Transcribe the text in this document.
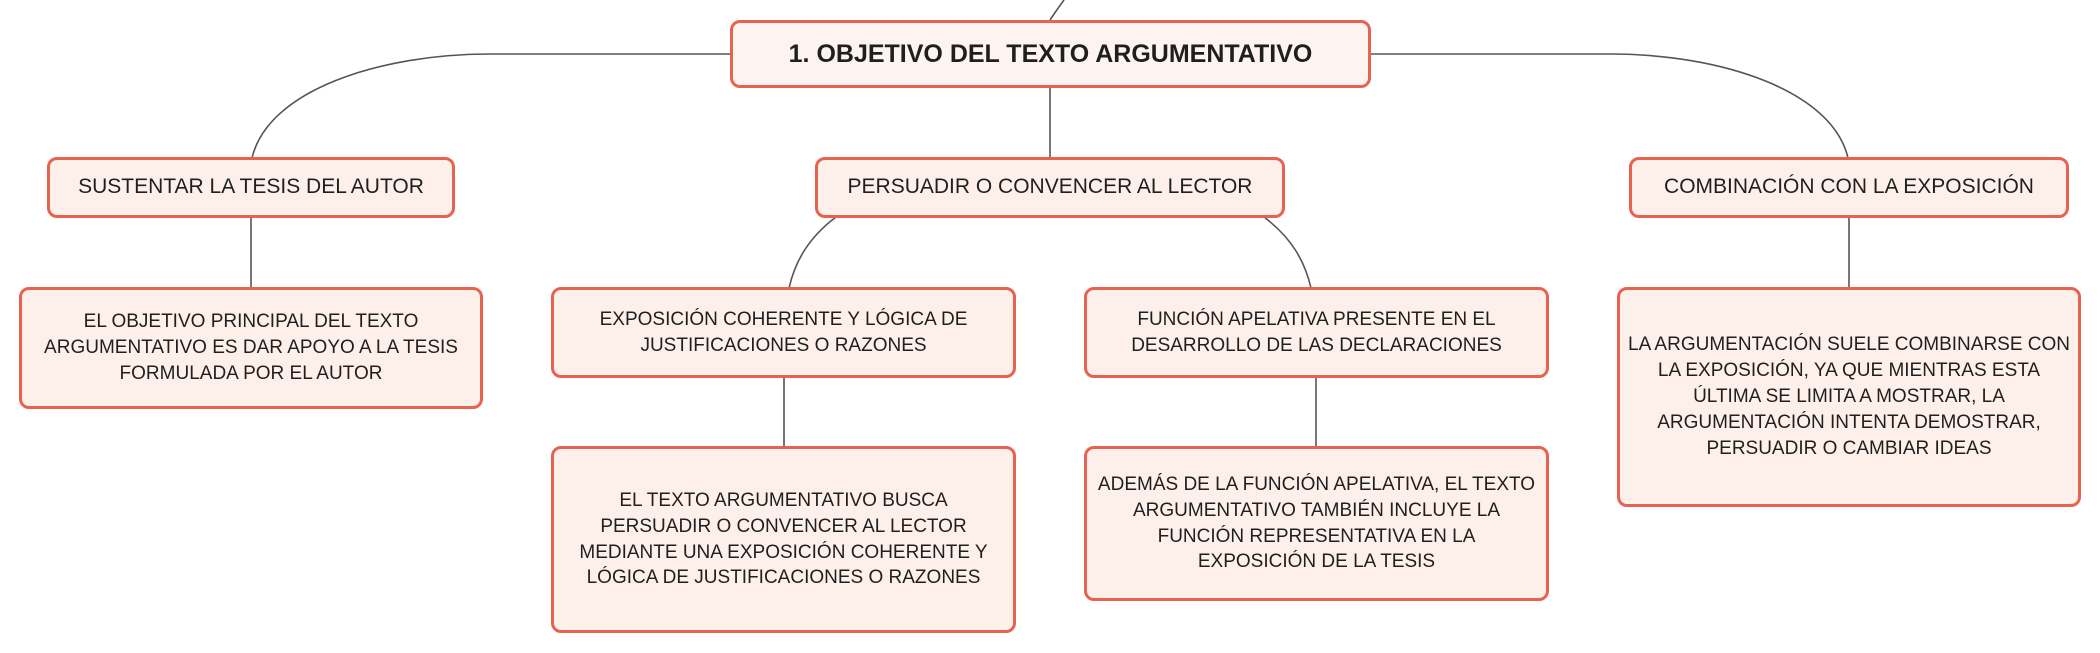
1. OBJETIVO DEL TEXTO ARGUMENTATIVO
SUSTENTAR LA TESIS DEL AUTOR	PERSUADIR O CONVENCER AL LECTOR	COMBINACIÓN CON LA EXPOSICIÓN
EL OBJETIVO PRINCIPAL DEL TEXTO ARGUMENTATIVO ES DAR APOYO A LA TESIS FORMULADA POR EL AUTOR
EXPOSICIÓN COHERENTE Y LÓGICA DE JUSTIFICACIONES O RAZONES
FUNCIÓN APELATIVA PRESENTE EN EL DESARROLLO DE LAS DECLARACIONES
EL TEXTO ARGUMENTATIVO BUSCA PERSUADIR O CONVENCER AL LECTOR MEDIANTE UNA EXPOSICIÓN COHERENTE Y LÓGICA DE JUSTIFICACIONES O RAZONES
ADEMÁS DE LA FUNCIÓN APELATIVA, EL TEXTO ARGUMENTATIVO TAMBIÉN INCLUYE LA FUNCIÓN REPRESENTATIVA EN LA EXPOSICIÓN DE LA TESIS
LA ARGUMENTACIÓN SUELE COMBINARSE CON LA EXPOSICIÓN, YA QUE MIENTRAS ESTA ÚLTIMA SE LIMITA A MOSTRAR, LA ARGUMENTACIÓN INTENTA DEMOSTRAR, PERSUADIR O CAMBIAR IDEAS
